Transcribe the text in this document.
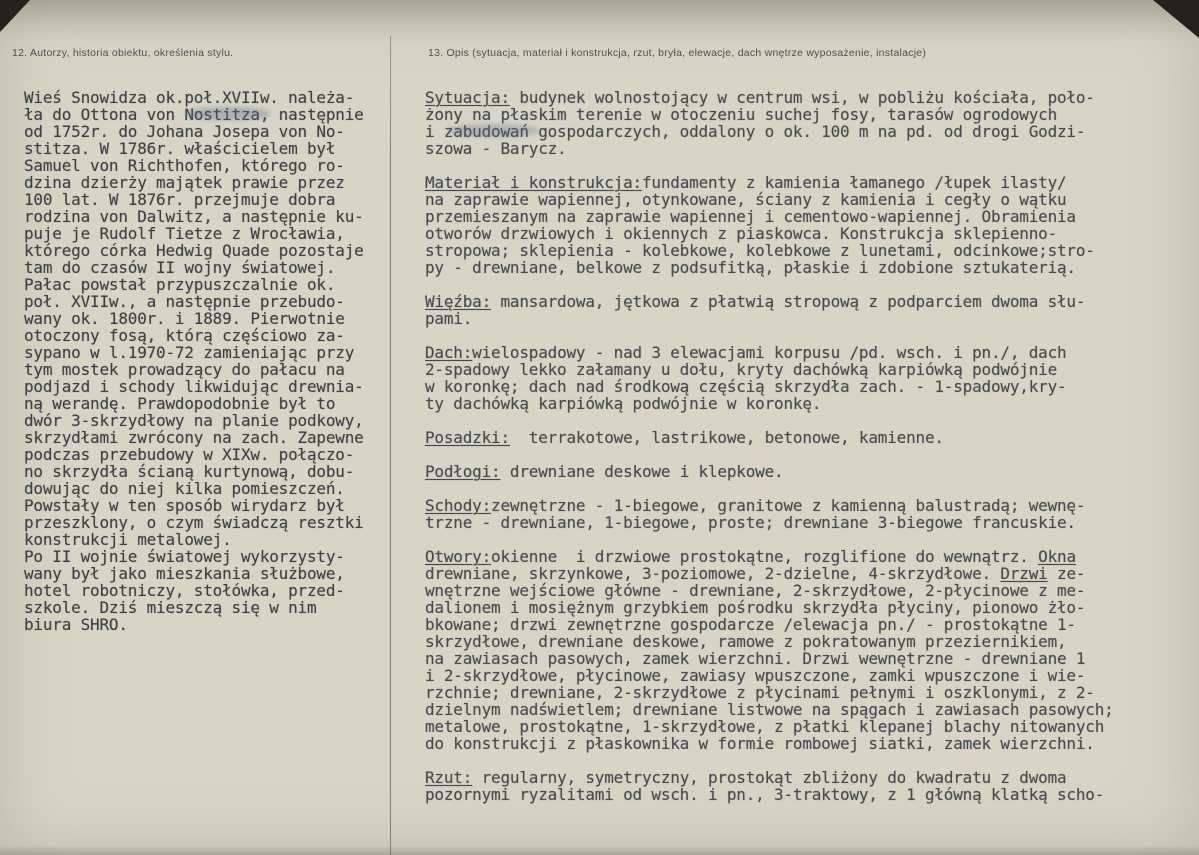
12. Autorzy, historia obiektu, określenia stylu.	13. Opis (sytuacja, materiał i konstrukcja, rzut, bryła, elewacje, dach wnętrze wyposażenie, instalacje)
Wieś Snowidza ok.poł.XVIIw. należa-
ła do Ottona von Nostitza, następnie
od 1752r. do Johana Josepa von No-
stitza. W 1786r. właścicielem był
Samuel von Richthofen, którego ro-
dzina dzierży majątek prawie przez
100 lat. W 1876r. przejmuje dobra
rodzina von Dalwitz, a następnie ku-
puje je Rudolf Tietze z Wrocławia,
którego córka Hedwig Quade pozostaje
tam do czasów II wojny światowej.
Pałac powstał przypuszczalnie ok.
poł. XVIIw., a następnie przebudo-
wany ok. 1800r. i 1889. Pierwotnie
otoczony fosą, którą częściowo za-
sypano w l.1970-72 zamieniając przy
tym mostek prowadzący do pałacu na
podjazd i schody likwidując drewnia-
ną werandę. Prawdopodobnie był to
dwór 3-skrzydłowy na planie podkowy,
skrzydłami zwrócony na zach. Zapewne
podczas przebudowy w XIXw. połączo-
no skrzydła ścianą kurtynową, dobu-
dowując do niej kilka pomieszczeń.
Powstały w ten sposób wirydarz był
przeszklony, o czym świadczą resztki
konstrukcji metalowej.
Po II wojnie światowej wykorzysty-
wany był jako mieszkania służbowe,
hotel robotniczy, stołówka, przed-
szkole. Dziś mieszczą się w nim
biura SHRO.
Sytuacja: budynek wolnostojący w centrum wsi, w pobliżu kościała, poło-
żony na płaskim terenie w otoczeniu suchej fosy, tarasów ogrodowych
i zabudowań gospodarczych, oddalony o ok. 100 m na pd. od drogi Godzi-
szowa - Barycz.
Materiał i konstrukcja:fundamenty z kamienia łamanego /łupek ilasty/
na zaprawie wapiennej, otynkowane, ściany z kamienia i cegły o wątku
przemieszanym na zaprawie wapiennej i cementowo-wapiennej. Obramienia
otworów drzwiowych i okiennych z piaskowca. Konstrukcja sklepienno-
stropowa; sklepienia - kolebkowe, kolebkowe z lunetami, odcinkowe;stro-
py - drewniane, belkowe z podsufitką, płaskie i zdobione sztukaterią.
Więźba: mansardowa, jętkowa z płatwią stropową z podparciem dwoma słu-
pami.
Dach:wielospadowy - nad 3 elewacjami korpusu /pd. wsch. i pn./, dach
2-spadowy lekko załamany u dołu, kryty dachówką karpiówką podwójnie
w koronkę; dach nad środkową częścią skrzydła zach. - 1-spadowy,kry-
ty dachówką karpiówką podwójnie w koronkę.
Posadzki:  terrakotowe, lastrikowe, betonowe, kamienne.
Podłogi: drewniane deskowe i klepkowe.
Schody:zewnętrzne - 1-biegowe, granitowe z kamienną balustradą; wewnę-
trzne - drewniane, 1-biegowe, proste; drewniane 3-biegowe francuskie.
Otwory:okienne  i drzwiowe prostokątne, rozglifione do wewnątrz. Okna
drewniane, skrzynkowe, 3-poziomowe, 2-dzielne, 4-skrzydłowe. Drzwi ze-
wnętrzne wejściowe główne - drewniane, 2-skrzydłowe, 2-płycinowe z me-
dalionem i mosiężnym grzybkiem pośrodku skrzydła płyciny, pionowo żło-
bkowane; drzwi zewnętrzne gospodarcze /elewacja pn./ - prostokątne 1-
skrzydłowe, drewniane deskowe, ramowe z pokratowanym przeziernikiem,
na zawiasach pasowych, zamek wierzchni. Drzwi wewnętrzne - drewniane 1
i 2-skrzydłowe, płycinowe, zawiasy wpuszczone, zamki wpuszczone i wie-
rzchnie; drewniane, 2-skrzydłowe z płycinami pełnymi i oszklonymi, z 2-
dzielnym nadświetlem; drewniane listwowe na spągach i zawiasach pasowych;
metalowe, prostokątne, 1-skrzydłowe, z płatki klepanej blachy nitowanych
do konstrukcji z płaskownika w formie rombowej siatki, zamek wierzchni.
Rzut: regularny, symetryczny, prostokąt zbliżony do kwadratu z dwoma
pozornymi ryzalitami od wsch. i pn., 3-traktowy, z 1 główną klatką scho-
